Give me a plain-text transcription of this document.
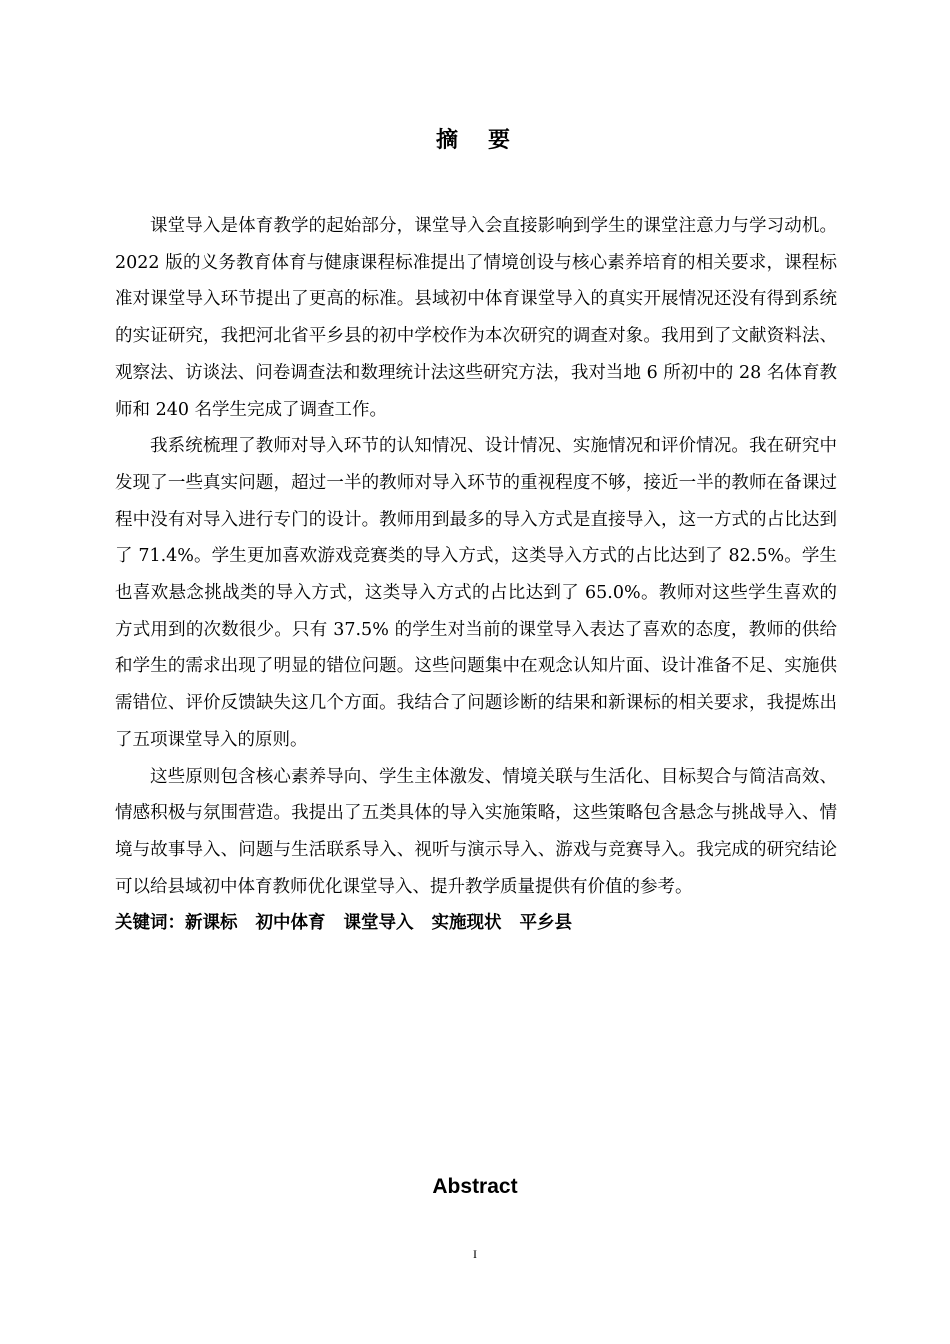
摘 要

课堂导入是体育教学的起始部分，课堂导入会直接影响到学生的课堂注意力与学习动机。2022 版的义务教育体育与健康课程标准提出了情境创设与核心素养培育的相关要求，课程标准对课堂导入环节提出了更高的标准。县域初中体育课堂导入的真实开展情况还没有得到系统的实证研究，我把河北省平乡县的初中学校作为本次研究的调查对象。我用到了文献资料法、观察法、访谈法、问卷调查法和数理统计法这些研究方法，我对当地 6 所初中的 28 名体育教师和 240 名学生完成了调查工作。

我系统梳理了教师对导入环节的认知情况、设计情况、实施情况和评价情况。我在研究中发现了一些真实问题，超过一半的教师对导入环节的重视程度不够，接近一半的教师在备课过程中没有对导入进行专门的设计。教师用到最多的导入方式是直接导入，这一方式的占比达到了 71.4%。学生更加喜欢游戏竞赛类的导入方式，这类导入方式的占比达到了 82.5%。学生也喜欢悬念挑战类的导入方式，这类导入方式的占比达到了 65.0%。教师对这些学生喜欢的方式用到的次数很少。只有 37.5% 的学生对当前的课堂导入表达了喜欢的态度，教师的供给和学生的需求出现了明显的错位问题。这些问题集中在观念认知片面、设计准备不足、实施供需错位、评价反馈缺失这几个方面。我结合了问题诊断的结果和新课标的相关要求，我提炼出了五项课堂导入的原则。

这些原则包含核心素养导向、学生主体激发、情境关联与生活化、目标契合与简洁高效、情感积极与氛围营造。我提出了五类具体的导入实施策略，这些策略包含悬念与挑战导入、情境与故事导入、问题与生活联系导入、视听与演示导入、游戏与竞赛导入。我完成的研究结论可以给县域初中体育教师优化课堂导入、提升教学质量提供有价值的参考。

关键词：新课标 初中体育 课堂导入 实施现状 平乡县

Abstract
I
